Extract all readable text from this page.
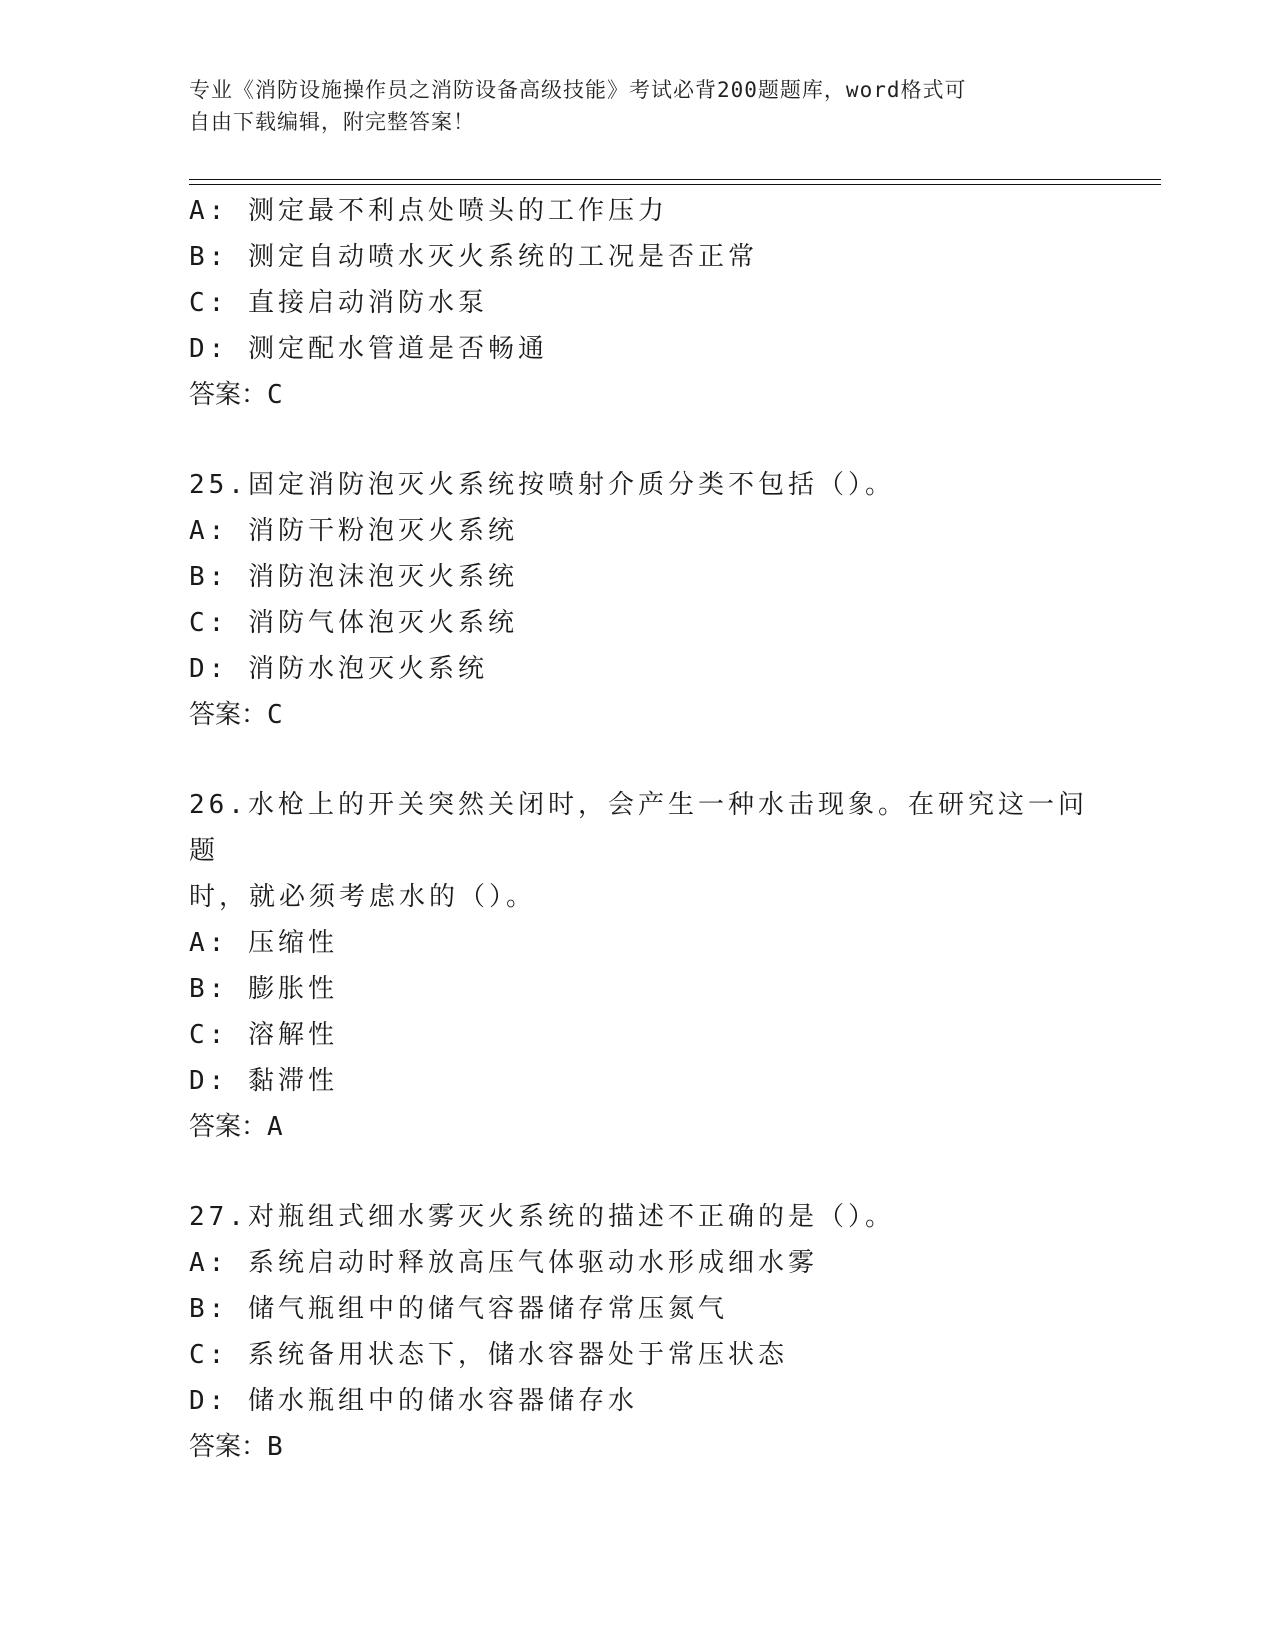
专业《消防设施操作员之消防设备高级技能》考试必背200题题库，word格式可
自由下载编辑，附完整答案！
A: 测定最不利点处喷头的工作压力
B: 测定自动喷水灭火系统的工况是否正常
C: 直接启动消防水泵
D: 测定配水管道是否畅通
答案：C
25.固定消防泡灭火系统按喷射介质分类不包括（）。
A: 消防干粉泡灭火系统
B: 消防泡沫泡灭火系统
C: 消防气体泡灭火系统
D: 消防水泡灭火系统
答案：C
26.水枪上的开关突然关闭时，会产生一种水击现象。在研究这一问题
时，就必须考虑水的（）。
A: 压缩性
B: 膨胀性
C: 溶解性
D: 黏滞性
答案：A
27.对瓶组式细水雾灭火系统的描述不正确的是（）。
A: 系统启动时释放高压气体驱动水形成细水雾
B: 储气瓶组中的储气容器储存常压氮气
C: 系统备用状态下，储水容器处于常压状态
D: 储水瓶组中的储水容器储存水
答案：B
